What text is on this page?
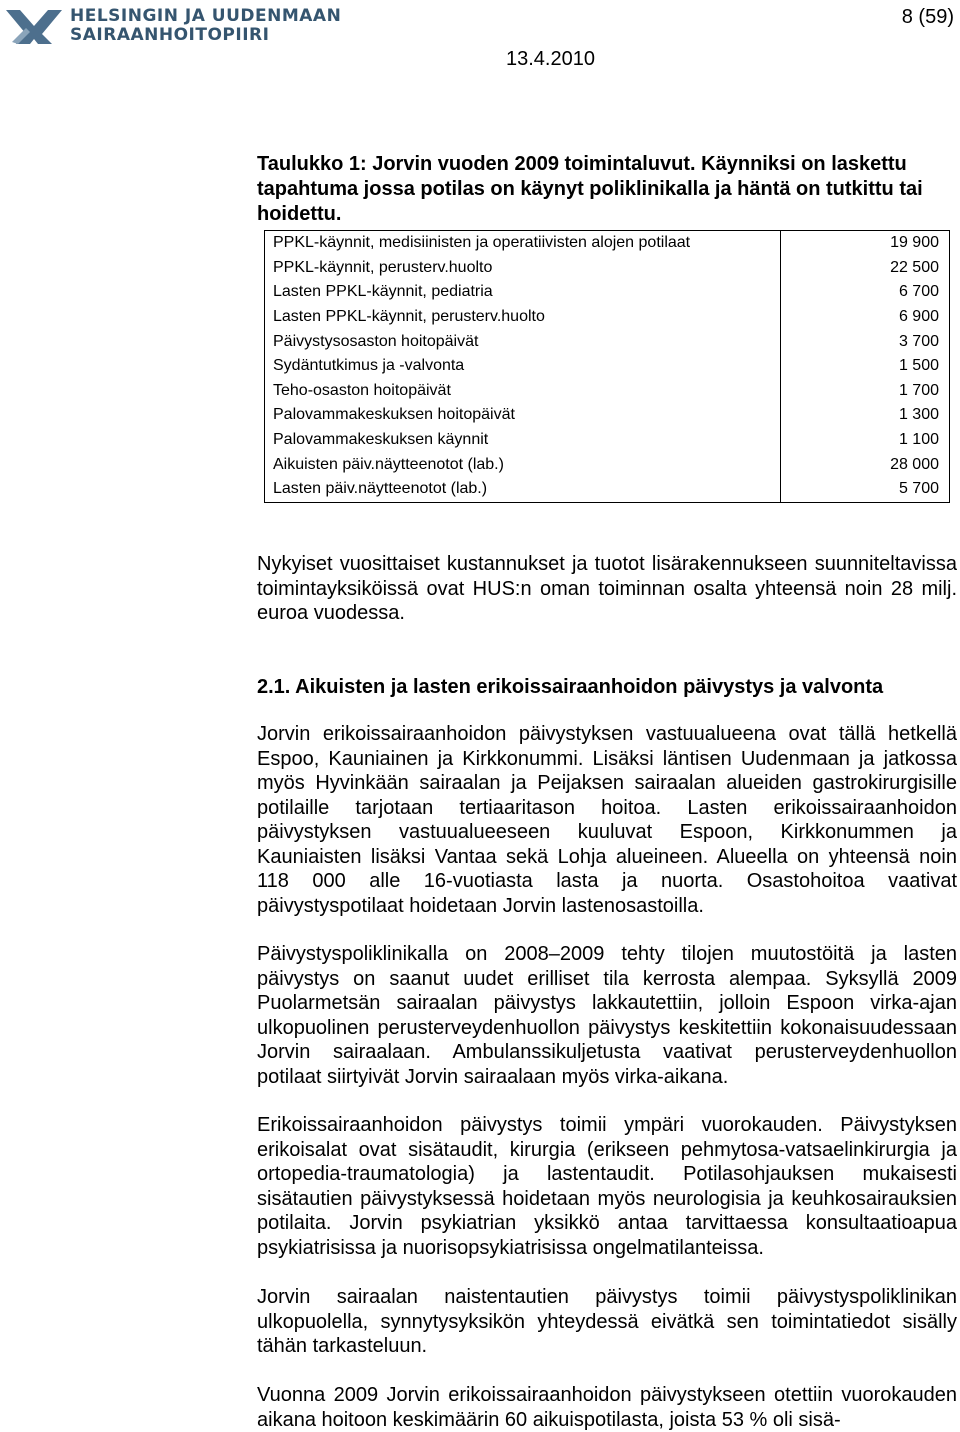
HELSINGIN JA UUDENMAAN
SAIRAANHOITOPIIRI
8 (59)
13.4.2010
Taulukko 1: Jorvin vuoden 2009 toimintaluvut. Käynniksi on laskettu tapahtuma jossa potilas on käynyt poliklinikalla ja häntä on tutkittu tai hoidettu.
PPKL-käynnit, medisiinisten ja operatiivisten alojen potilaat	19 900
PPKL-käynnit, perusterv.huolto	22 500
Lasten PPKL-käynnit, pediatria	6 700
Lasten PPKL-käynnit, perusterv.huolto	6 900
Päivystysosaston hoitopäivät	3 700
Sydäntutkimus ja -valvonta	1 500
Teho-osaston hoitopäivät	1 700
Palovammakeskuksen hoitopäivät	1 300
Palovammakeskuksen käynnit	1 100
Aikuisten päiv.näytteenotot (lab.)	28 000
Lasten päiv.näytteenotot (lab.)	5 700
Nykyiset vuosittaiset kustannukset ja tuotot lisärakennukseen suunniteltavissa toimintayksiköissä ovat HUS:n oman toiminnan osalta yhteensä noin 28 milj. euroa vuodessa.
2.1. Aikuisten ja lasten erikoissairaanhoidon päivystys ja valvonta
Jorvin erikoissairaanhoidon päivystyksen vastuualueena ovat tällä hetkellä Espoo, Kauniainen ja Kirkkonummi. Lisäksi läntisen Uudenmaan ja jatkossa myös Hyvinkään sairaalan ja Peijaksen sairaalan alueiden gastrokirurgisille potilaille tarjotaan tertiaaritason hoitoa. Lasten erikoissairaanhoidon päivystyksen vastuualueeseen kuuluvat Espoon, Kirkkonummen ja Kauniaisten lisäksi Vantaa sekä Lohja alueineen. Alueella on yhteensä noin 118 000 alle 16-vuotiasta lasta ja nuorta. Osastohoitoa vaativat päivystyspotilaat hoidetaan Jorvin lastenosastoilla.
Päivystyspoliklinikalla on 2008–2009 tehty tilojen muutostöitä ja lasten päivystys on saanut uudet erilliset tila kerrosta alempaa. Syksyllä 2009 Puolarmetsän sairaalan päivystys lakkautettiin, jolloin Espoon virka-ajan ulkopuolinen perusterveydenhuollon päivystys keskitettiin kokonaisuudessaan Jorvin sairaalaan. Ambulanssikuljetusta vaativat perusterveydenhuollon potilaat siirtyivät Jorvin sairaalaan myös virka-aikana.
Erikoissairaanhoidon päivystys toimii ympäri vuorokauden. Päivystyksen erikoisalat ovat sisätaudit, kirurgia (erikseen pehmytosa-vatsaelinkirurgia ja ortopedia-traumatologia) ja lastentaudit. Potilasohjauksen mukaisesti sisätautien päivystyksessä hoidetaan myös neurologisia ja keuhkosairauksien potilaita. Jorvin psykiatrian yksikkö antaa tarvittaessa konsultaatioapua psykiatrisissa ja nuorisopsykiatrisissa ongelmatilanteissa.
Jorvin sairaalan naistentautien päivystys toimii päivystyspoliklinikan ulkopuolella, synnytysyksikön yhteydessä eivätkä sen toimintatiedot sisälly tähän tarkasteluun.
Vuonna 2009 Jorvin erikoissairaanhoidon päivystykseen otettiin vuorokauden aikana hoitoon keskimäärin 60 aikuispotilasta, joista 53 % oli sisä-
